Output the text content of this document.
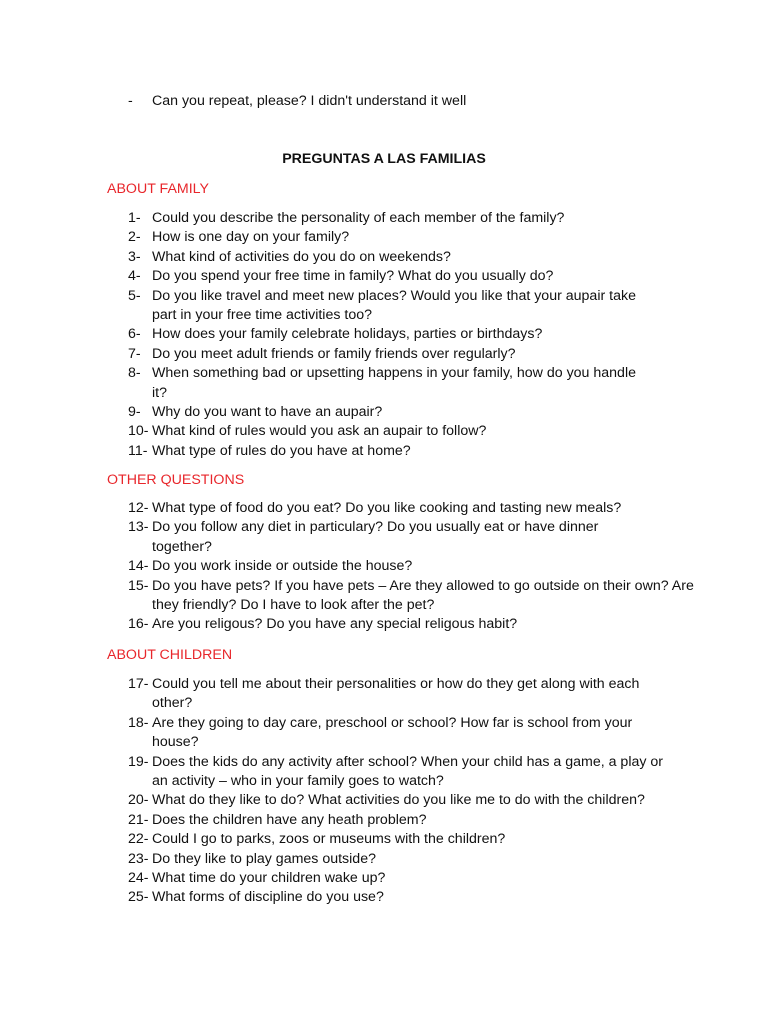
- Can you repeat, please? I didn't understand it well
PREGUNTAS A LAS FAMILIAS
ABOUT FAMILY
1- Could you describe the personality of each member of the family?
2- How is one day on your family?
3- What kind of activities do you do on weekends?
4- Do you spend your free time in family? What do you usually do?
5- Do you like travel and meet new places? Would you like that your aupair take part in your free time activities too?
6- How does your family celebrate holidays, parties or birthdays?
7- Do you meet adult friends or family friends over regularly?
8- When something bad or upsetting happens in your family, how do you handle it?
9- Why do you want to have an aupair?
10- What kind of rules would you ask an aupair to follow?
11- What type of rules do you have at home?
OTHER QUESTIONS
12- What type of food do you eat? Do you like cooking and tasting new meals?
13- Do you follow any diet in particulary? Do you usually eat or have dinner together?
14- Do you work inside or outside the house?
15- Do you have pets? If you have pets – Are they allowed to go outside on their own? Are they friendly? Do I have to look after the pet?
16- Are you religous? Do you have any special religous habit?
ABOUT CHILDREN
17- Could you tell me about their personalities or how do they get along with each other?
18- Are they going to day care, preschool or school? How far is school from your house?
19- Does the kids do any activity after school? When your child has a game, a play or an activity – who in your family goes to watch?
20- What do they like to do? What activities do you like me to do with the children?
21- Does the children have any heath problem?
22- Could I go to parks, zoos or museums with the children?
23- Do they like to play games outside?
24- What time do your children wake up?
25- What forms of discipline do you use?
